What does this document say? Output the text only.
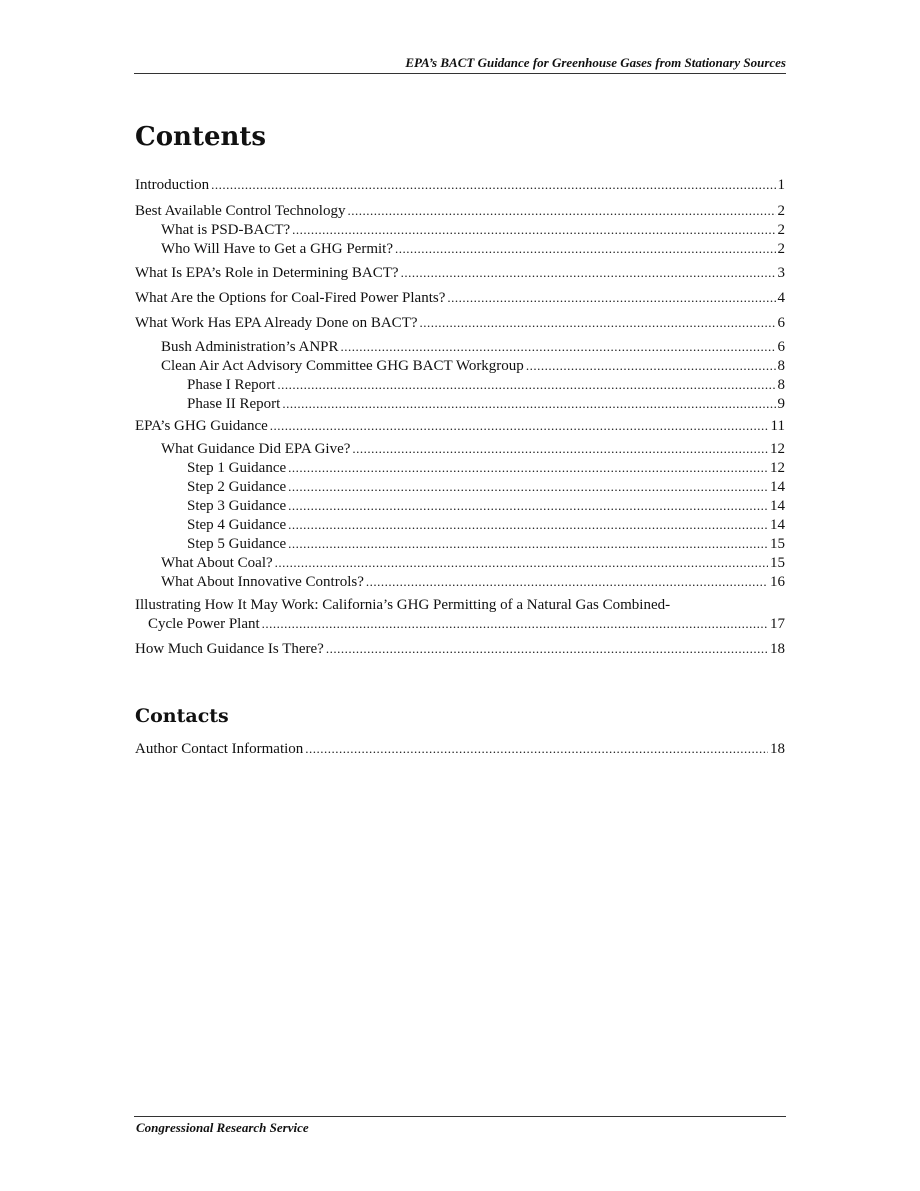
EPA’s BACT Guidance for Greenhouse Gases from Stationary Sources
Contents
Introduction .....	1
Best Available Control Technology .....	2
What is PSD-BACT? .....	2
Who Will Have to Get a GHG Permit? .....	2
What Is EPA’s Role in Determining BACT? .....	3
What Are the Options for Coal-Fired Power Plants? .....	4
What Work Has EPA Already Done on BACT? .....	6
Bush Administration’s ANPR .....	6
Clean Air Act Advisory Committee GHG BACT Workgroup .....	8
Phase I Report .....	8
Phase II Report .....	9
EPA’s GHG Guidance .....	11
What Guidance Did EPA Give? .....	12
Step 1 Guidance .....	12
Step 2 Guidance .....	14
Step 3 Guidance .....	14
Step 4 Guidance .....	14
Step 5 Guidance .....	15
What About Coal? .....	15
What About Innovative Controls? .....	16
Illustrating How It May Work: California’s GHG Permitting of a Natural Gas Combined-
Cycle Power Plant .....	17
How Much Guidance Is There? .....	18
Contacts
Author Contact Information .....	18
Congressional Research Service
